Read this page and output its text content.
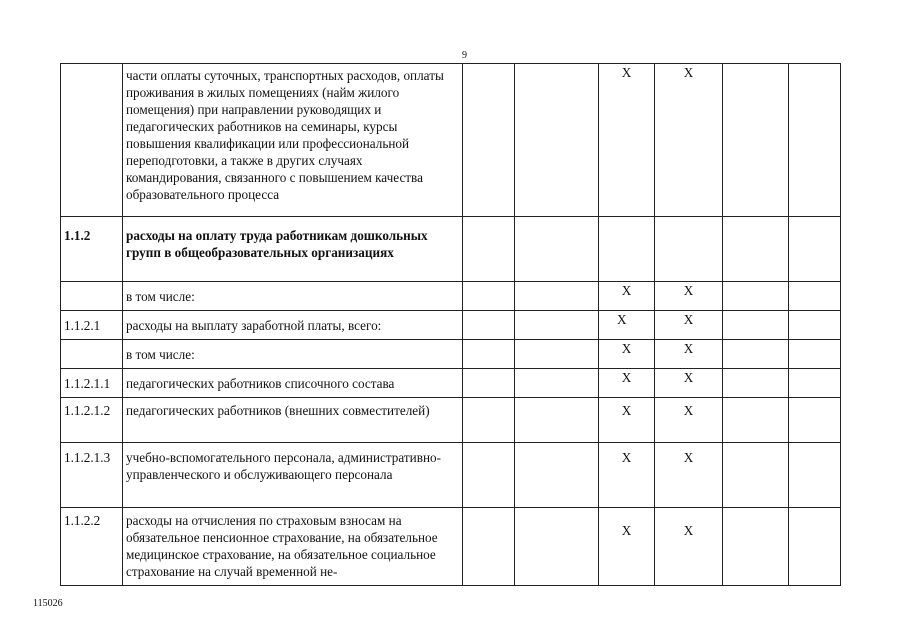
9
	части оплаты суточных, транспортных расходов, оплаты проживания в жилых помещениях (найм жилого помещения) при направлении руководящих и педагогических работников на семинары, курсы повышения квалификации или профессиональной переподготовки, а также в других случаях командирования, связанного с повышением качества образовательного процесса			X	X		
1.1.2	расходы на оплату труда работникам дошкольных групп в общеобразовательных организациях						
	в том числе:			X	X		
1.1.2.1	расходы на выплату заработной платы, всего:			X	X		
	в том числе:			X	X		
1.1.2.1.1	педагогических работников списочного состава			X	X		
1.1.2.1.2	педагогических работников (внешних совместителей)			X	X		
1.1.2.1.3	учебно-вспомогательного персонала, административно-управленческого и обслуживающего персонала			X	X		
1.1.2.2	расходы на отчисления по страховым взносам на обязательное пенсионное страхование, на обязательное медицинское страхование, на обязательное социальное страхование на случай временной не-			X	X		
115026
